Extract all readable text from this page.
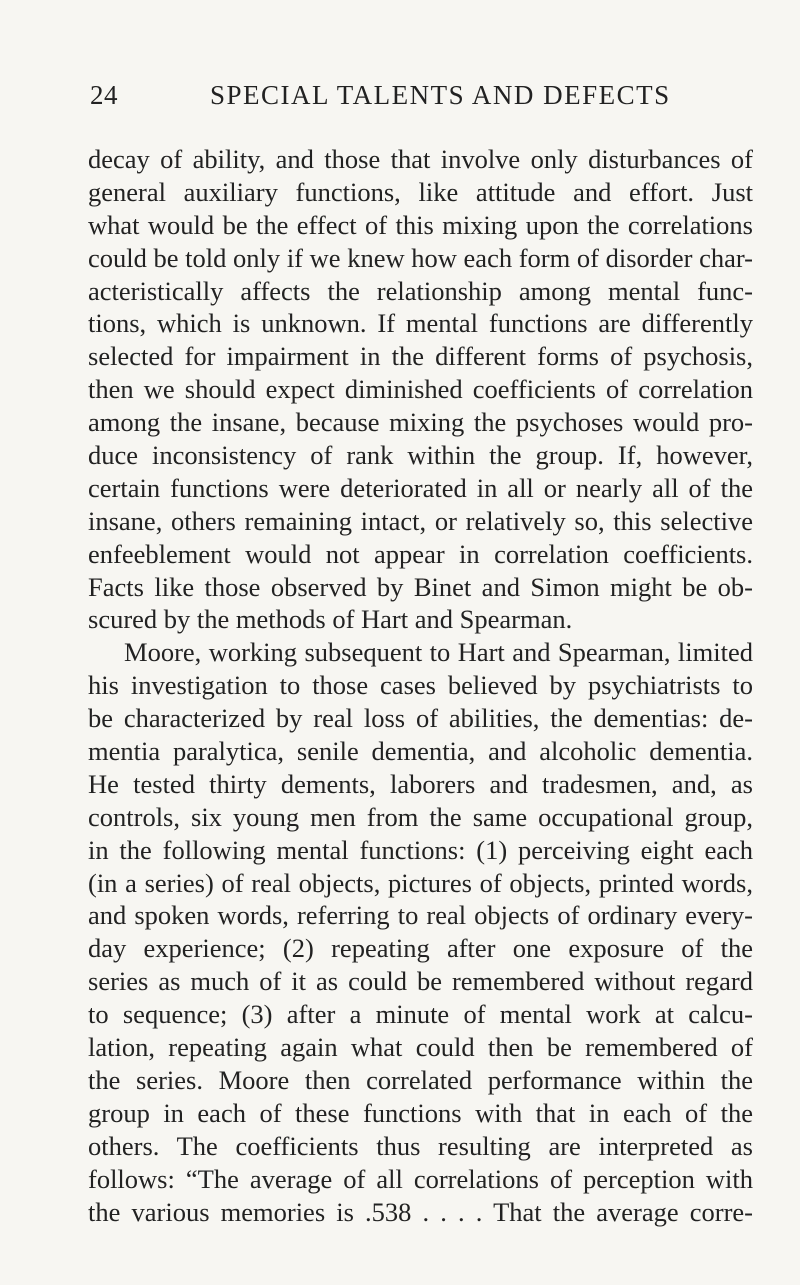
24	SPECIAL TALENTS AND DEFECTS
decay of ability, and those that involve only disturbances of
general auxiliary functions, like attitude and effort. Just
what would be the effect of this mixing upon the correlations
could be told only if we knew how each form of disorder char-
acteristically affects the relationship among mental func-
tions, which is unknown. If mental functions are differently
selected for impairment in the different forms of psychosis,
then we should expect diminished coefficients of correlation
among the insane, because mixing the psychoses would pro-
duce inconsistency of rank within the group. If, however,
certain functions were deteriorated in all or nearly all of the
insane, others remaining intact, or relatively so, this selective
enfeeblement would not appear in correlation coefficients.
Facts like those observed by Binet and Simon might be ob-
scured by the methods of Hart and Spearman.
Moore, working subsequent to Hart and Spearman, limited
his investigation to those cases believed by psychiatrists to
be characterized by real loss of abilities, the dementias: de-
mentia paralytica, senile dementia, and alcoholic dementia.
He tested thirty dements, laborers and tradesmen, and, as
controls, six young men from the same occupational group,
in the following mental functions: (1) perceiving eight each
(in a series) of real objects, pictures of objects, printed words,
and spoken words, referring to real objects of ordinary every-
day experience; (2) repeating after one exposure of the
series as much of it as could be remembered without regard
to sequence; (3) after a minute of mental work at calcu-
lation, repeating again what could then be remembered of
the series. Moore then correlated performance within the
group in each of these functions with that in each of the
others. The coefficients thus resulting are interpreted as
follows: “The average of all correlations of perception with
the various memories is .538 . . . . That the average corre-
